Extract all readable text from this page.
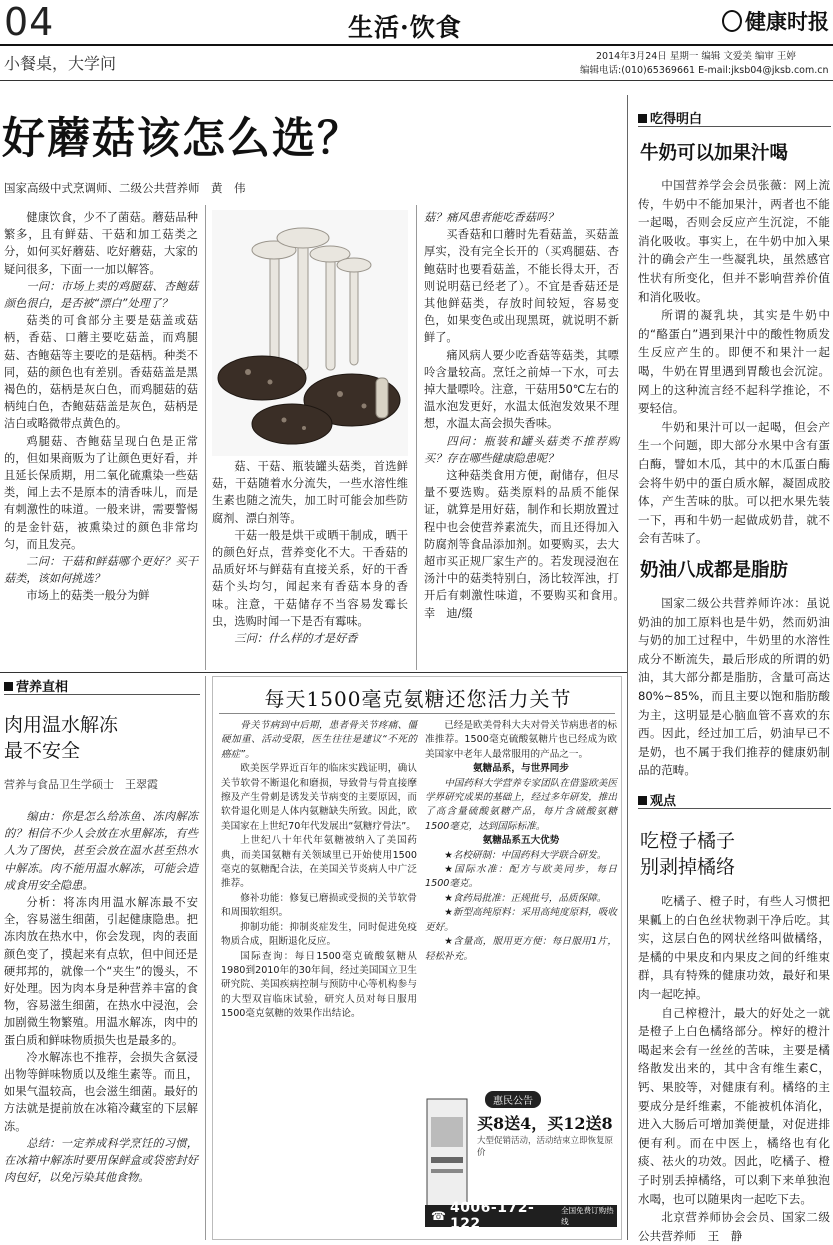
04	生活·饮食	健康时报
小餐桌，大学问	2014年3月24日 星期一 编辑 文爱美 编审 王婷
编辑电话:(010)65369661 E-mail:jksb04@jksb.com.cn
好蘑菇该怎么选？
国家高级中式烹调师、二级公共营养师　黄　伟

健康饮食，少不了菌菇。蘑菇品种繁多，且有鲜菇、干菇和加工菇类之分，如何买好蘑菇、吃好蘑菇，大家的疑问很多，下面一一加以解答。

一问：市场上卖的鸡腿菇、杏鲍菇颜色很白，是否被“漂白”处理了？

菇类的可食部分主要是菇盖或菇柄，香菇、口蘑主要吃菇盖，而鸡腿菇、杏鲍菇等主要吃的是菇柄。种类不同，菇的颜色也有差别。香菇菇盖是黑褐色的，菇柄是灰白色，而鸡腿菇的菇柄纯白色，杏鲍菇菇盖是灰色，菇柄是洁白或略微带点黄色的。

鸡腿菇、杏鲍菇呈现白色是正常的，但如果商贩为了让颜色更好看，并且延长保质期，用二氧化硫熏染一些菇类，闻上去不是原本的清香味儿，而是有刺激性的味道。一般来讲，需要警惕的是金针菇，被熏染过的颜色非常均匀，而且发亮。

二问：干菇和鲜菇哪个更好？买干菇类，该如何挑选？

市场上的菇类一般分为鲜

菇、干菇、瓶装罐头菇类，首选鲜菇，干菇随着水分流失，一些水溶性维生素也随之流失，加工时可能会加些防腐剂、漂白剂等。

干菇一般是烘干或晒干制成，晒干的颜色好点，营养变化不大。干香菇的品质好坏与鲜菇有直接关系，好的干香菇个头均匀，闻起来有香菇本身的香味。注意，干菇储存不当容易发霉长虫，选购时闻一下是否有霉味。

三问：什么样的才是好香

菇？痛风患者能吃香菇吗？

买香菇和口蘑时先看菇盖，买菇盖厚实，没有完全长开的（买鸡腿菇、杏鲍菇时也要看菇盖，不能长得太开，否则说明菇已经老了）。不宜是香菇还是其他鲜菇类，存放时间较短，容易变色，如果变色或出现黑斑，就说明不新鲜了。

痛风病人要少吃香菇等菇类，其嘌呤含量较高。烹饪之前焯一下水，可去掉大量嘌呤。注意，干菇用50℃左右的温水泡发更好，水温太低泡发效果不理想，水温太高会损失香味。

四问：瓶装和罐头菇类不推荐购买？存在哪些健康隐患呢？

这种菇类食用方便，耐储存，但尽量不要选购。菇类原料的品质不能保证，就算是用好菇，制作和长期放置过程中也会使营养素流失，而且还得加入防腐剂等食品添加剂。如要购买，去大超市买正规厂家生产的。若发现浸泡在汤汁中的菇类特别白，汤比较浑浊，打开后有刺激性味道，不要购买和食用。　幸　迪/缀

营养直相
肉用温水解冻
最不安全
营养与食品卫生学硕士　王翠霞

编由：你是怎么给冻鱼、冻肉解冻的？相信不少人会放在水里解冻，有些人为了图快，甚至会放在温水甚至热水中解冻。肉不能用温水解冻，可能会造成食用安全隐患。

分析：将冻肉用温水解冻最不安全，容易滋生细菌，引起健康隐患。把冻肉放在热水中，你会发现，肉的表面颜色变了，摸起来有点软，但中间还是硬邦邦的，就像一个“夹生”的馒头，不好处理。因为肉本身是种营养丰富的食物，容易滋生细菌，在热水中浸泡，会加剧微生物繁殖。用温水解冻，肉中的蛋白质和鲜味物质损失也是最多的。

冷水解冻也不推荐，会损失含氨浸出物等鲜味物质以及维生素等。而且，如果气温较高，也会滋生细菌。最好的方法就是提前放在冰箱冷藏室的下层解冻。

总结：一定养成科学烹饪的习惯，在冰箱中解冻时要用保鲜盒或袋密封好肉包好，以免污染其他食物。

每天1500毫克氨糖还您活力关节

骨关节病到中后期，患者骨关节疼痛、僵硬加重、活动受限，医生往往是建议“不死的癌症”。

欧美医学界近百年的临床实践证明，确认关节软骨不断退化和磨损，导致骨与骨直接摩擦及产生骨刺是诱发关节病变的主要原因，而软骨退化则是人体内氨糖缺失所致。因此，欧美国家在上世纪70年代发展出“氨糖疗骨法”。

上世纪八十年代年氨糖被纳入了美国药典，而美国氨糖有关领域里已开始使用1500毫克的氨糖配合法，在美国关节炎病人中广泛推荐。

修补功能：修复已磨损或受损的关节软骨和周围软组织。

抑制功能：抑制炎症发生，同时促进免疫物质合成，阻断退化反应。

国际查询：每日1500毫克硫酸氨糖从1980到2010年的30年间，经过美国国立卫生研究院、美国疾病控制与预防中心等机构参与的大型双盲临床试验，研究人员对每日服用1500毫克氨糖的效果作出结论。

已经是欧美骨科大夫对骨关节病患者的标准推荐。1500毫克硫酸氨糖片也已经成为欧美国家中老年人最常服用的产品之一。

氨糖品系，与世界同步

中国药科大学营养专家团队在借鉴欧美医学界研究成果的基础上，经过多年研发，推出了高含量硫酸氨糖产品，每片含硫酸氨糖1500毫克，达到国际标准。

氨糖品系五大优势

★名校研制：中国药科大学联合研发。

★国际水准：配方与欧美同步，每日1500毫克。

★食药局批准：正规批号，品质保障。

★新型高纯原料：采用高纯度原料，吸收更好。

★含量高，服用更方便：每日服用1片，轻松补充。

惠民公告
买8送4，买12送8
大型促销活动，活动结束立即恢复原价
☎ 4006-172-122
全国免费订购热线
吃得明白
牛奶可以加果汁喝

中国营养学会会员张薇：网上流传，牛奶中不能加果汁，两者也不能一起喝，否则会反应产生沉淀，不能消化吸收。事实上，在牛奶中加入果汁的确会产生一些凝乳块，虽然感官性状有所变化，但并不影响营养价值和消化吸收。

所谓的凝乳块，其实是牛奶中的“酪蛋白”遇到果汁中的酸性物质发生反应产生的。即便不和果汁一起喝，牛奶在胃里遇到胃酸也会沉淀。网上的这种流言经不起科学推论，不要轻信。

牛奶和果汁可以一起喝，但会产生一个问题，即大部分水果中含有蛋白酶，譬如木瓜，其中的木瓜蛋白酶会将牛奶中的蛋白质水解，凝固成胶体，产生苦味的肽。可以把水果先装一下，再和牛奶一起做成奶昔，就不会有苦味了。

奶油八成都是脂肪

国家二级公共营养师许冰：虽说奶油的加工原料也是牛奶，然而奶油与奶的加工过程中，牛奶里的水溶性成分不断流失，最后形成的所谓的奶油，其大部分都是脂肪，含量可高达80%~85%，而且主要以饱和脂肪酸为主，这明显是心脑血管不喜欢的东西。因此，经过加工后，奶油早已不是奶，也不属于我们推荐的健康奶制品的范畴。

观点
吃橙子橘子
别剥掉橘络

吃橘子、橙子时，有些人习惯把果瓤上的白色丝状物剥干净后吃。其实，这层白色的网状丝络叫做橘络，是橘的中果皮和内果皮之间的纤维束群，具有特殊的健康功效，最好和果肉一起吃掉。

自己榨橙汁，最大的好处之一就是橙子上白色橘络部分。榨好的橙汁喝起来会有一丝丝的苦味，主要是橘络散发出来的，其中含有维生素C，钙、果胶等，对健康有利。橘络的主要成分是纤维素，不能被机体消化，进入大肠后可增加粪便量，对促进排便有利。而在中医上，橘络也有化痰、祛火的功效。因此，吃橘子、橙子时别丢掉橘络，可以剩下来单独泡水喝，也可以随果肉一起吃下去。

北京营养师协会会员、国家二级公共营养师　王　静
